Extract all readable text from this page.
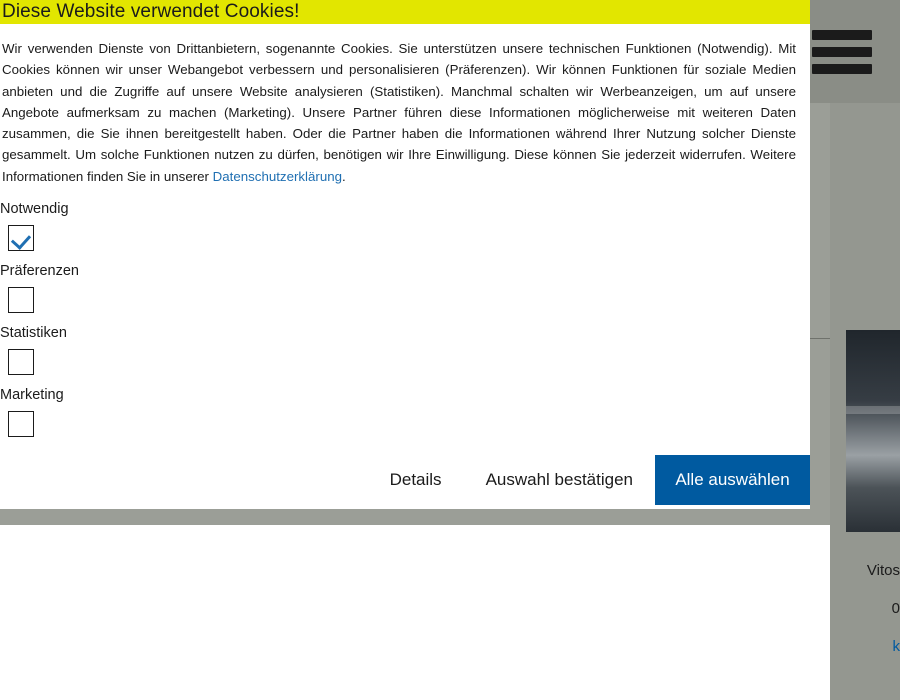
Vitos
0
k
Diese Website verwendet Cookies!
Wir verwenden Dienste von Drittanbietern, sogenannte Cookies. Sie unterstützen unsere technischen Funktionen (Notwendig). Mit Cookies können wir unser Webangebot verbessern und personalisieren (Präferenzen). Wir können Funktionen für soziale Medien anbieten und die Zugriffe auf unsere Website analysieren (Statistiken). Manchmal schalten wir Werbeanzeigen, um auf unsere Angebote aufmerksam zu machen (Marketing). Unsere Partner führen diese Informationen möglicherweise mit weiteren Daten zusammen, die Sie ihnen bereitgestellt haben. Oder die Partner haben die Informationen während Ihrer Nutzung solcher Dienste gesammelt. Um solche Funktionen nutzen zu dürfen, benötigen wir Ihre Einwilligung. Diese können Sie jederzeit widerrufen. Weitere Informationen finden Sie in unserer Datenschutzerklärung.
Notwendig
Präferenzen
Statistiken
Marketing
Details	Auswahl bestätigen	Alle auswählen
